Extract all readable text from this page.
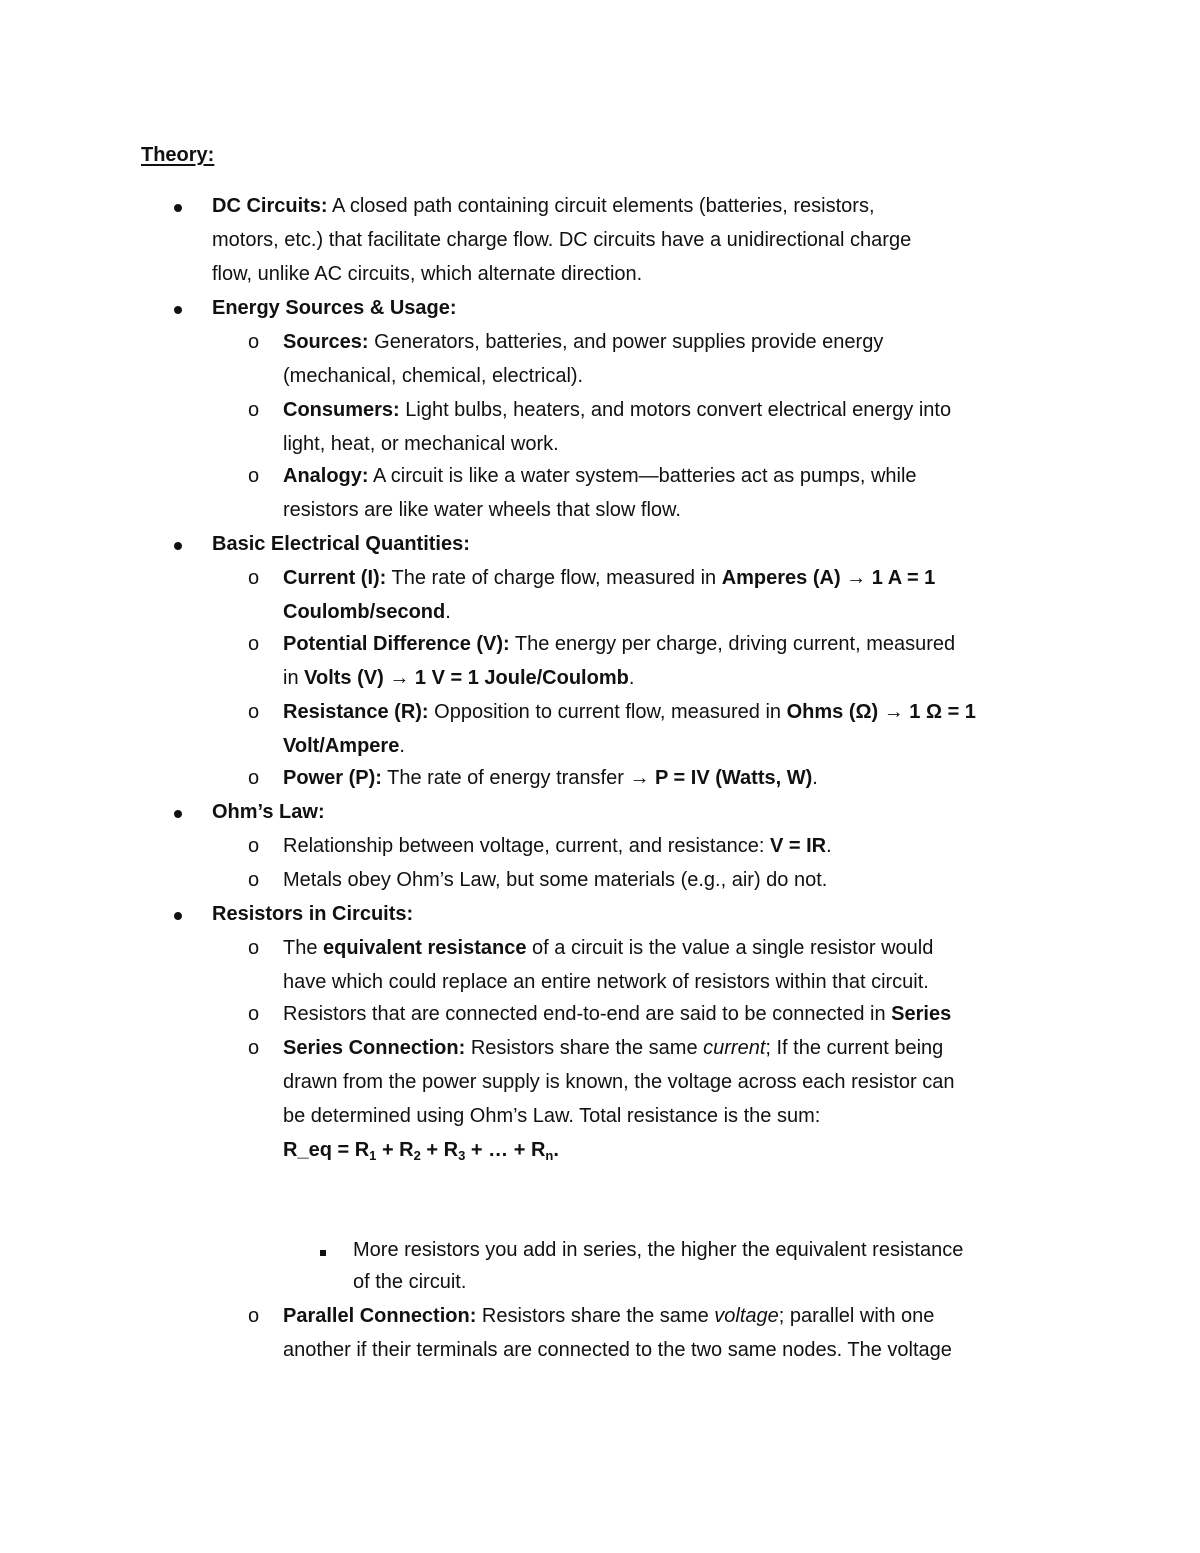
Theory:
DC Circuits: A closed path containing circuit elements (batteries, resistors,
motors, etc.) that facilitate charge flow. DC circuits have a unidirectional charge
flow, unlike AC circuits, which alternate direction.
Energy Sources & Usage:
o Sources: Generators, batteries, and power supplies provide energy
(mechanical, chemical, electrical).
o Consumers: Light bulbs, heaters, and motors convert electrical energy into
light, heat, or mechanical work.
o Analogy: A circuit is like a water system—batteries act as pumps, while
resistors are like water wheels that slow flow.
Basic Electrical Quantities:
o Current (I): The rate of charge flow, measured in Amperes (A) → 1 A = 1
Coulomb/second.
o Potential Difference (V): The energy per charge, driving current, measured
in Volts (V) → 1 V = 1 Joule/Coulomb.
o Resistance (R): Opposition to current flow, measured in Ohms (Ω) → 1 Ω = 1
Volt/Ampere.
o Power (P): The rate of energy transfer → P = IV (Watts, W).
Ohm’s Law:
o Relationship between voltage, current, and resistance: V = IR.
o Metals obey Ohm’s Law, but some materials (e.g., air) do not.
Resistors in Circuits:
o The equivalent resistance of a circuit is the value a single resistor would
have which could replace an entire network of resistors within that circuit.
o Resistors that are connected end-to-end are said to be connected in Series
o Series Connection: Resistors share the same current; If the current being
drawn from the power supply is known, the voltage across each resistor can
be determined using Ohm’s Law. Total resistance is the sum:
R_eq = $R_1 + R_2 + R_3$ + … + $R_n$.
More resistors you add in series, the higher the equivalent resistance
of the circuit.
o Parallel Connection: Resistors share the same voltage; parallel with one
another if their terminals are connected to the two same nodes. The voltage
